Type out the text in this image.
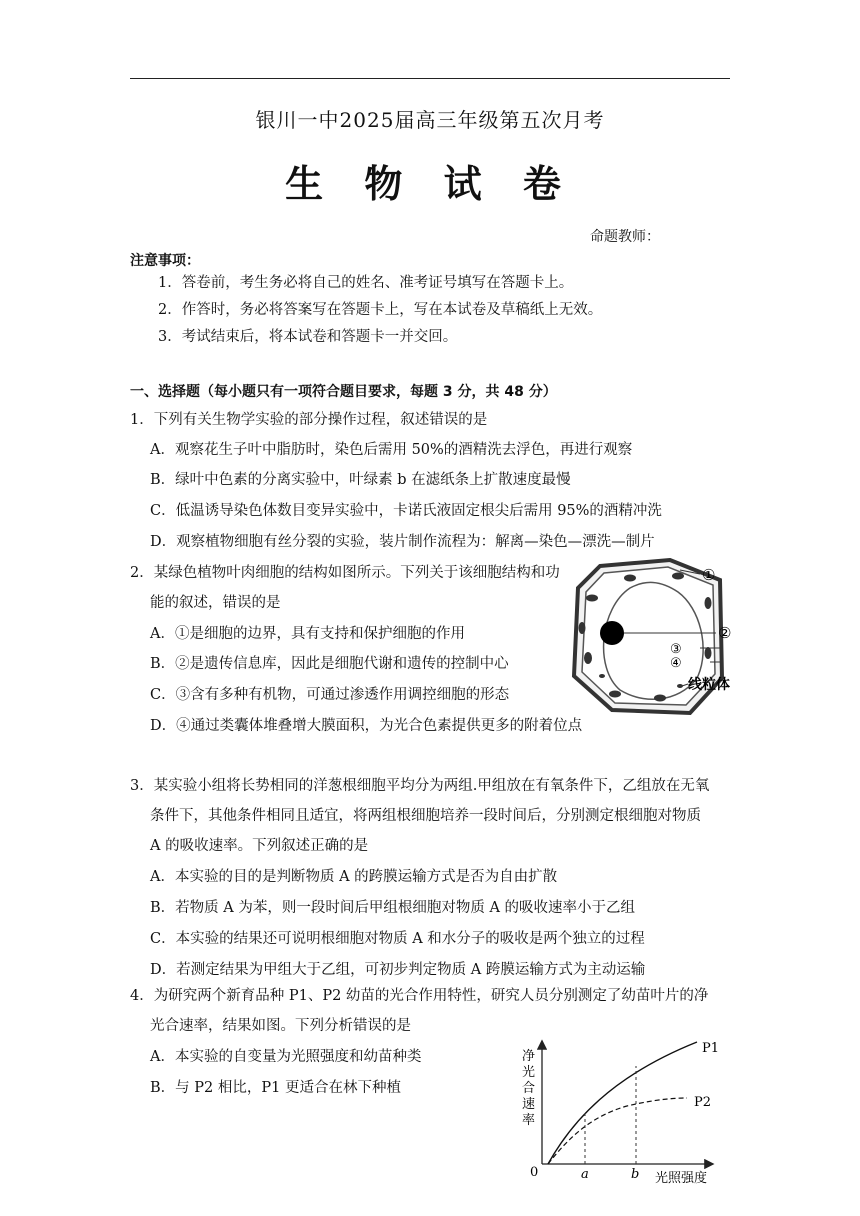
银川一中2025届高三年级第五次月考
生 物 试 卷
命题教师：
注意事项：
1．答卷前，考生务必将自己的姓名、准考证号填写在答题卡上。
2．作答时，务必将答案写在答题卡上，写在本试卷及草稿纸上无效。
3．考试结束后，将本试卷和答题卡一并交回。
一、选择题（每小题只有一项符合题目要求，每题 3 分，共 48 分）
1．下列有关生物学实验的部分操作过程，叙述错误的是
A．观察花生子叶中脂肪时，染色后需用 50%的酒精洗去浮色，再进行观察
B．绿叶中色素的分离实验中，叶绿素 b 在滤纸条上扩散速度最慢
C．低温诱导染色体数目变异实验中，卡诺氏液固定根尖后需用 95%的酒精冲洗
D．观察植物细胞有丝分裂的实验，装片制作流程为：解离—染色—漂洗—制片
2．某绿色植物叶肉细胞的结构如图所示。下列关于该细胞结构和功
能的叙述，错误的是
A．①是细胞的边界，具有支持和保护细胞的作用
B．②是遗传信息库，因此是细胞代谢和遗传的控制中心
C．③含有多种有机物，可通过渗透作用调控细胞的形态
D．④通过类囊体堆叠增大膜面积，为光合色素提供更多的附着位点
①
②
③
④
线粒体
3．某实验小组将长势相同的洋葱根细胞平均分为两组.甲组放在有氧条件下，乙组放在无氧
条件下，其他条件相同且适宜，将两组根细胞培养一段时间后，分别测定根细胞对物质
A 的吸收速率。下列叙述正确的是
A．本实验的目的是判断物质 A 的跨膜运输方式是否为自由扩散
B．若物质 A 为苯，则一段时间后甲组根细胞对物质 A 的吸收速率小于乙组
C．本实验的结果还可说明根细胞对物质 A 和水分子的吸收是两个独立的过程
D．若测定结果为甲组大于乙组，可初步判定物质 A 跨膜运输方式为主动运输
4．为研究两个新育品种 P1、P2 幼苗的光合作用特性，研究人员分别测定了幼苗叶片的净
光合速率，结果如图。下列分析错误的是
A．本实验的自变量为光照强度和幼苗种类
B．与 P2 相比，P1 更适合在林下种植
净
光
合
速
率
0	a	b 光照强度
P1
P2
